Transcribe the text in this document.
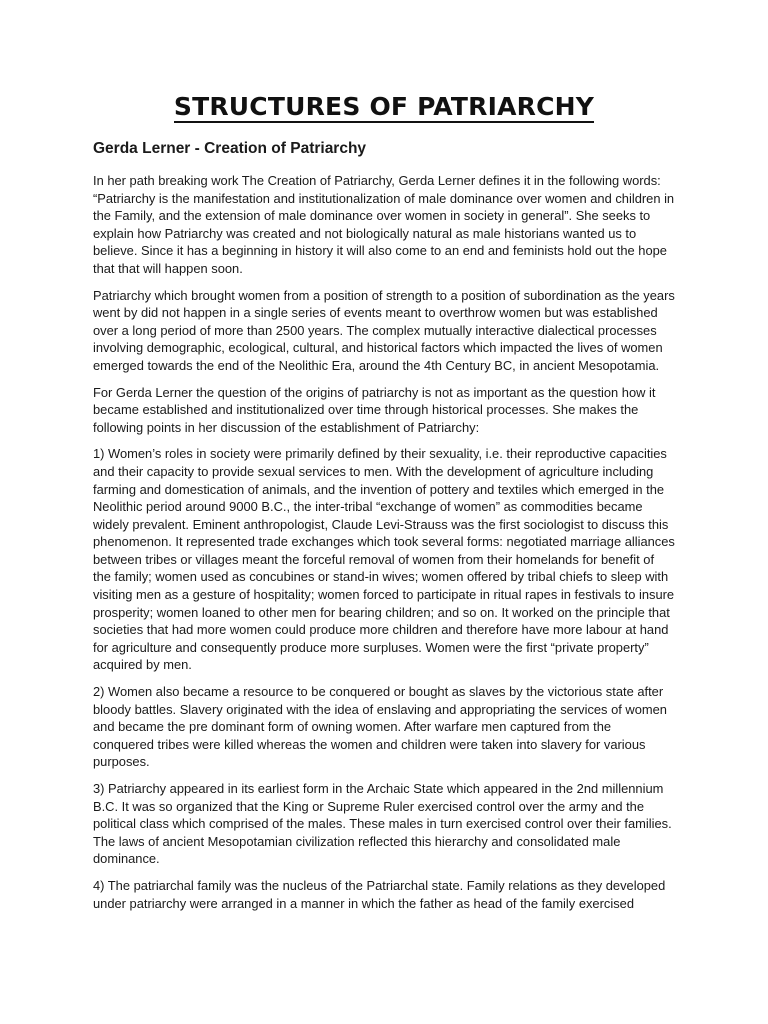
STRUCTURES OF PATRIARCHY
Gerda Lerner - Creation of Patriarchy

In her path breaking work The Creation of Patriarchy, Gerda Lerner defines it in the following words: “Patriarchy is the manifestation and institutionalization of male dominance over women and children in the Family, and the extension of male dominance over women in society in general”. She seeks to explain how Patriarchy was created and not biologically natural as male historians wanted us to believe. Since it has a beginning in history it will also come to an end and feminists hold out the hope that that will happen soon.

Patriarchy which brought women from a position of strength to a position of subordination as the years went by did not happen in a single series of events meant to overthrow women but was established over a long period of more than 2500 years. The complex mutually interactive dialectical processes involving demographic, ecological, cultural, and historical factors which impacted the lives of women emerged towards the end of the Neolithic Era, around the 4th Century BC, in ancient Mesopotamia.

For Gerda Lerner the question of the origins of patriarchy is not as important as the question how it became established and institutionalized over time through historical processes. She makes the following points in her discussion of the establishment of Patriarchy:

1) Women’s roles in society were primarily defined by their sexuality, i.e. their reproductive capacities and their capacity to provide sexual services to men. With the development of agriculture including farming and domestication of animals, and the invention of pottery and textiles which emerged in the Neolithic period around 9000 B.C., the inter-tribal “exchange of women” as commodities became widely prevalent. Eminent anthropologist, Claude Levi-Strauss was the first sociologist to discuss this phenomenon. It represented trade exchanges which took several forms: negotiated marriage alliances between tribes or villages meant the forceful removal of women from their homelands for benefit of the family; women used as concubines or stand-in wives; women offered by tribal chiefs to sleep with visiting men as a gesture of hospitality; women forced to participate in ritual rapes in festivals to insure prosperity; women loaned to other men for bearing children; and so on. It worked on the principle that societies that had more women could produce more children and therefore have more labour at hand for agriculture and consequently produce more surpluses. Women were the first “private property” acquired by men.

2) Women also became a resource to be conquered or bought as slaves by the victorious state after bloody battles. Slavery originated with the idea of enslaving and appropriating the services of women and became the pre dominant form of owning women. After warfare men captured from the conquered tribes were killed whereas the women and children were taken into slavery for various purposes.

3) Patriarchy appeared in its earliest form in the Archaic State which appeared in the 2nd millennium B.C. It was so organized that the King or Supreme Ruler exercised control over the army and the political class which comprised of the males. These males in turn exercised control over their families. The laws of ancient Mesopotamian civilization reflected this hierarchy and consolidated male dominance.

4) The patriarchal family was the nucleus of the Patriarchal state. Family relations as they developed under patriarchy were arranged in a manner in which the father as head of the family exercised
